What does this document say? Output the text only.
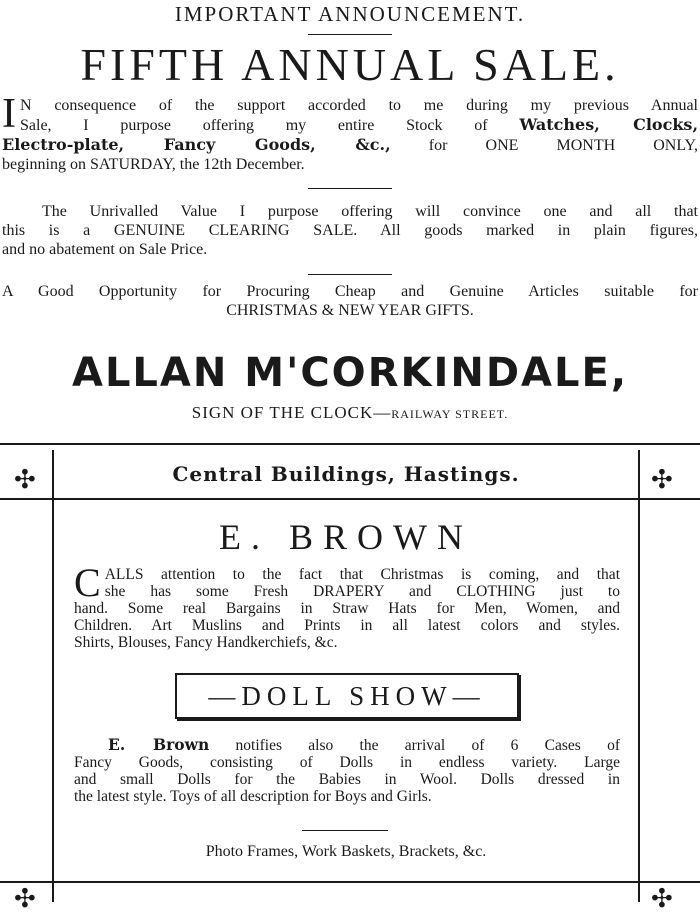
IMPORTANT ANNOUNCEMENT.
FIFTH ANNUAL SALE.
I N consequence of the support accorded to me during my previous Annual
Sale, I purpose offering my entire Stock of Watches, Clocks,
Electro-plate, Fancy Goods, &c., for ONE MONTH ONLY,
beginning on SATURDAY, the 12th December.
The Unrivalled Value I purpose offering will convince one and all that
this is a GENUINE CLEARING SALE. All goods marked in plain figures,
and no abatement on Sale Price.
A Good Opportunity for Procuring Cheap and Genuine Articles suitable for
CHRISTMAS & NEW YEAR GIFTS.
ALLAN M'CORKINDALE,
SIGN OF THE CLOCK—RAILWAY STREET.
✣	✣
✣	✣
Central Buildings, Hastings.
E. BROWN
C ALLS attention to the fact that Christmas is coming, and that
she has some Fresh DRAPERY and CLOTHING just to
hand. Some real Bargains in Straw Hats for Men, Women, and
Children. Art Muslins and Prints in all latest colors and styles.
Shirts, Blouses, Fancy Handkerchiefs, &c.
—DOLL SHOW—
E. Brown notifies also the arrival of 6 Cases of
Fancy Goods, consisting of Dolls in endless variety. Large
and small Dolls for the Babies in Wool. Dolls dressed in
the latest style. Toys of all description for Boys and Girls.
Photo Frames, Work Baskets, Brackets, &c.
